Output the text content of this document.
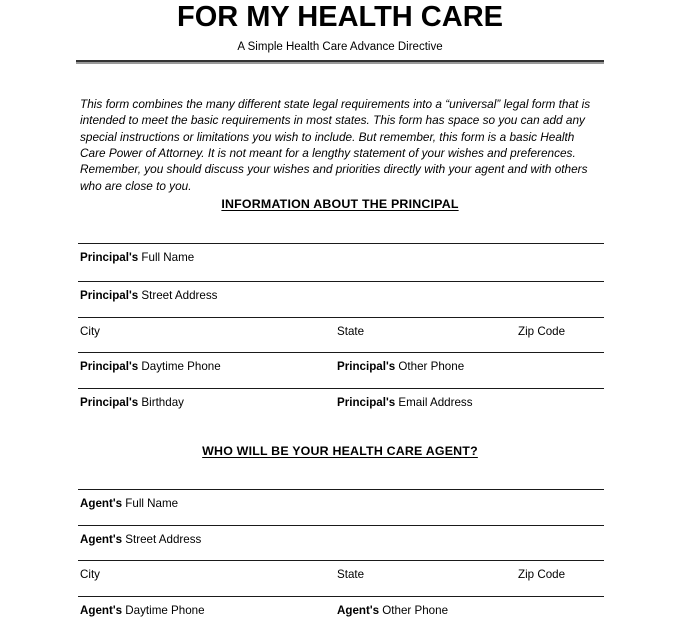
FOR MY HEALTH CARE
A Simple Health Care Advance Directive

This form combines the many different state legal requirements into a “universal” legal form that is intended to meet the basic requirements in most states. This form has space so you can add any special instructions or limitations you wish to include. But remember, this form is a basic Health Care Power of Attorney. It is not meant for a lengthy statement of your wishes and preferences. Remember, you should discuss your wishes and priorities directly with your agent and with others who are close to you.

INFORMATION ABOUT THE PRINCIPAL
Principal's Full Name
Principal's Street Address
City	State	Zip Code
Principal's Daytime Phone	Principal's Other Phone
Principal's Birthday	Principal's Email Address
WHO WILL BE YOUR HEALTH CARE AGENT?
Agent's Full Name
Agent's Street Address
City	State	Zip Code
Agent's Daytime Phone	Agent's Other Phone
